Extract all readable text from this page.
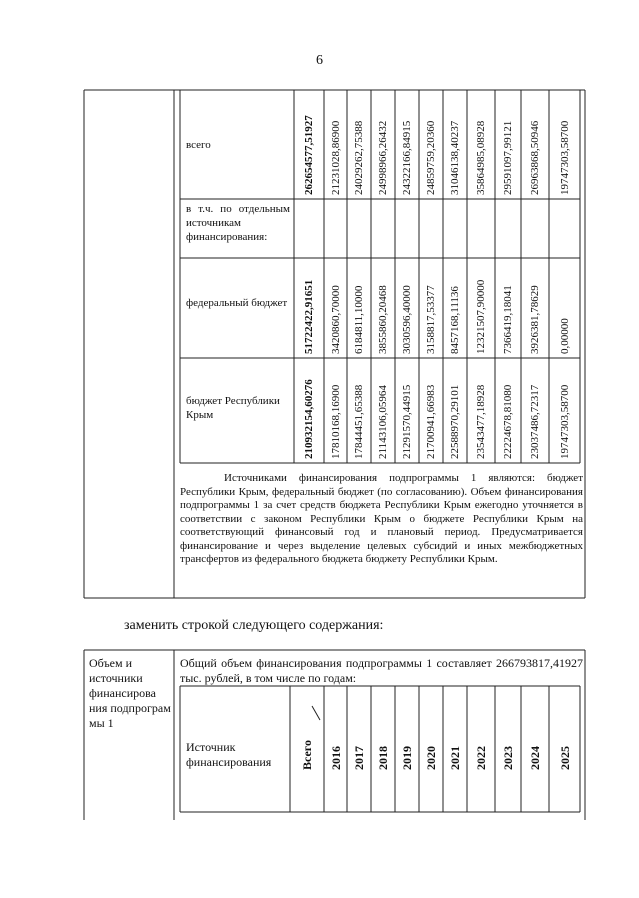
6
всего
в т.ч. по отдельным источникам финансирования:
федеральный бюджет
бюджет Республики Крым
262654577,51927 21231028,86900 24029262,75388 24998966,26432 24322166,84915 24859759,20360 31046138,40237 35864985,08928 29591097,99121 26963868,50946 19747303,58700
51722422,91651 3420860,70000 6184811,10000 3855860,20468 3030596,40000 3158817,53377 8457168,11136 12321507,90000 7366419,18041 3926381,78629 0,00000
210932154,60276 17810168,16900 17844451,65388 21143106,05964 21291570,44915 21700941,66983 22588970,29101 23543477,18928 22224678,81080 23037486,72317 19747303,58700
Источниками финансирования подпрограммы 1 являются: бюджет Республики Крым, федеральный бюджет (по согласованию). Объем финансирования подпрограммы 1 за счет средств бюджета Республики Крым ежегодно уточняется в соответствии с законом Республики Крым о бюджете Республики Крым на соответствующий финансовый год и плановый период. Предусматривается финансирование и через выделение целевых субсидий и иных межбюджетных трансфертов из федерального бюджета бюджету Республики Крым.
заменить строкой следующего содержания:
Объем и источники финансирова ния подпрограм мы 1
Общий объем финансирования подпрограммы 1 составляет 266793817,41927 тыс. рублей, в том числе по годам:
Источник финансирования	Всего 2016 2017 2018 2019 2020 2021 2022 2023 2024 2025
